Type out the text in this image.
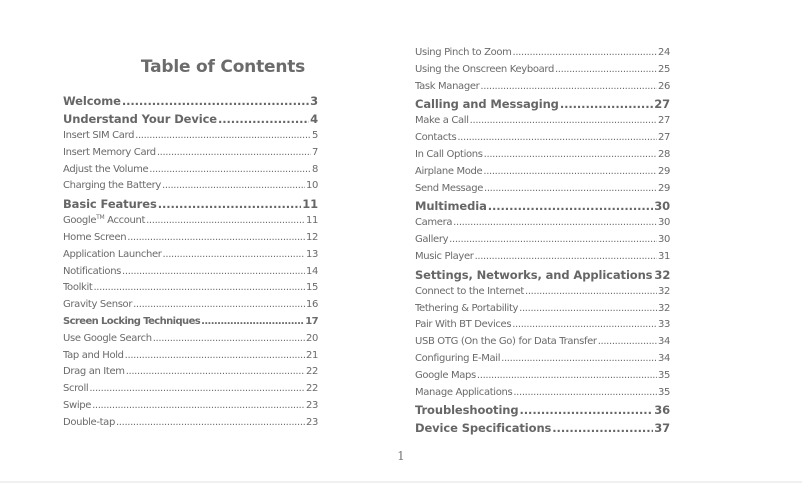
Table of Contents
Welcome .....	3
Understand Your Device .....	4
Insert SIM Card .....	5
Insert Memory Card .....	7
Adjust the Volume .....	8
Charging the Battery .....	10
Basic Features .....	11
Google™ Account .....	11
Home Screen .....	12
Application Launcher .....	13
Notifications .....	14
Toolkit .....	15
Gravity Sensor .....	16
Screen Locking Techniques .....	17
Use Google Search .....	20
Tap and Hold .....	21
Drag an Item .....	22
Scroll .....	22
Swipe .....	23
Double-tap .....	23
Using Pinch to Zoom .....	24
Using the Onscreen Keyboard .....	25
Task Manager .....	26
Calling and Messaging .....	27
Make a Call .....	27
Contacts .....	27
In Call Options .....	28
Airplane Mode .....	29
Send Message .....	29
Multimedia .....	30
Camera .....	30
Gallery .....	30
Music Player .....	31
Settings, Networks, and Applications 32
Connect to the Internet .....	32
Tethering & Portability .....	32
Pair With BT Devices .....	33
USB OTG (On the Go) for Data Transfer .....	34
Configuring E-Mail .....	34
Google Maps .....	35
Manage Applications .....	35
Troubleshooting .....	36
Device Specifications .....	37
1
